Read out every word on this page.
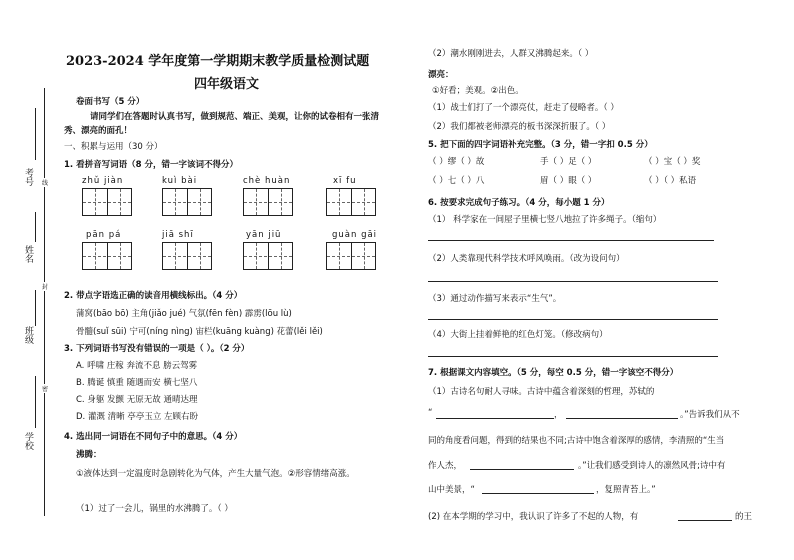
考号
姓名
班级
学校
线
封
密
2023-2024 学年度第一学期期末教学质量检测试题
四年级语文
卷面书写（5 分）
请同学们在答题时认真书写，做到规范、端正、美观，让你的试卷相有一张清
秀、漂亮的面孔！
一、积累与运用（30 分）
1. 看拼音写词语（8 分，错一字该词不得分）
zhǔ jiàn	kuì bài	chè huàn	xī fu
pān pá	jiā shī	yān jiū	guàn gāi
2. 带点字语选正确的读音用横线标出。（4 分）
蒲窝(bāo bō) 主角(jiǎo jué) 气氛(fēn fèn) 霹雳(lōu lù)
骨髓(suǐ sūi) 宁可(níng nìng) 宙栏(kuāng kuàng) 花蕾(lěi lěi)
3. 下列词语书写没有错误的一项是（ ）。（2 分）
A. 呼啸 庄稼 奔流不息 膀云驾雾
B. 腾诞 慎重 随遇而安 横七坚八
C. 身躯 发颤 无原无故 通晴达理
D. 灌溉 清晰 亭亭玉立 左顾右盼
4. 选出同一词语在不同句子中的意思。（4 分）
沸腾：
①液体达到一定温度时急剧转化为气体，产生大量气泡。②形容情绪高涨。
（1）过了一会儿，锅里的水沸腾了。（ ）
（2）潮水刚刚进去，人群又沸腾起来。（ ）
漂亮：
①好看；美观。②出色。
（1）战士们打了一个漂亮仗，赶走了侵略者。（ ）
（2）我们都被老师漂亮的板书深深折服了。（ ）
5. 把下面的四字词语补充完整。（3 分，错一字扣 0.5 分）
（ ）缪（ ）故	手（ ）足（ ）	（ ）宝（ ）奖
（ ）七（ ）八	眉（ ）眼（ ）	（ ）（ ）私语
6. 按要求完成句子练习。（4 分，每小题 1 分）
（1） 科学家在一间屋子里横七竖八地拉了许多绳子。（缩句）
（2）人类靠现代科学技术呼风唤雨。（改为设问句）
（3）通过动作描写来表示“生气”。
（4）大街上挂着鲜艳的红色灯笼。（修改病句）
7. 根据课文内容填空。（5 分，每空 0.5 分，错一字该空不得分）
（1）古诗名句耐人寻味。古诗中蕴含着深刻的哲理，苏轼的
“	，	。”告诉我们从不
同的角度看问题，得到的结果也不同;古诗中饱含着深厚的感情，李清照的“生当
作人杰，	。”让我们感受到诗人的凛然风骨;诗中有
山中美景，“	，复照青苔上。”
(2) 在本学期的学习中，我认识了许多了不起的人物，有	的王
